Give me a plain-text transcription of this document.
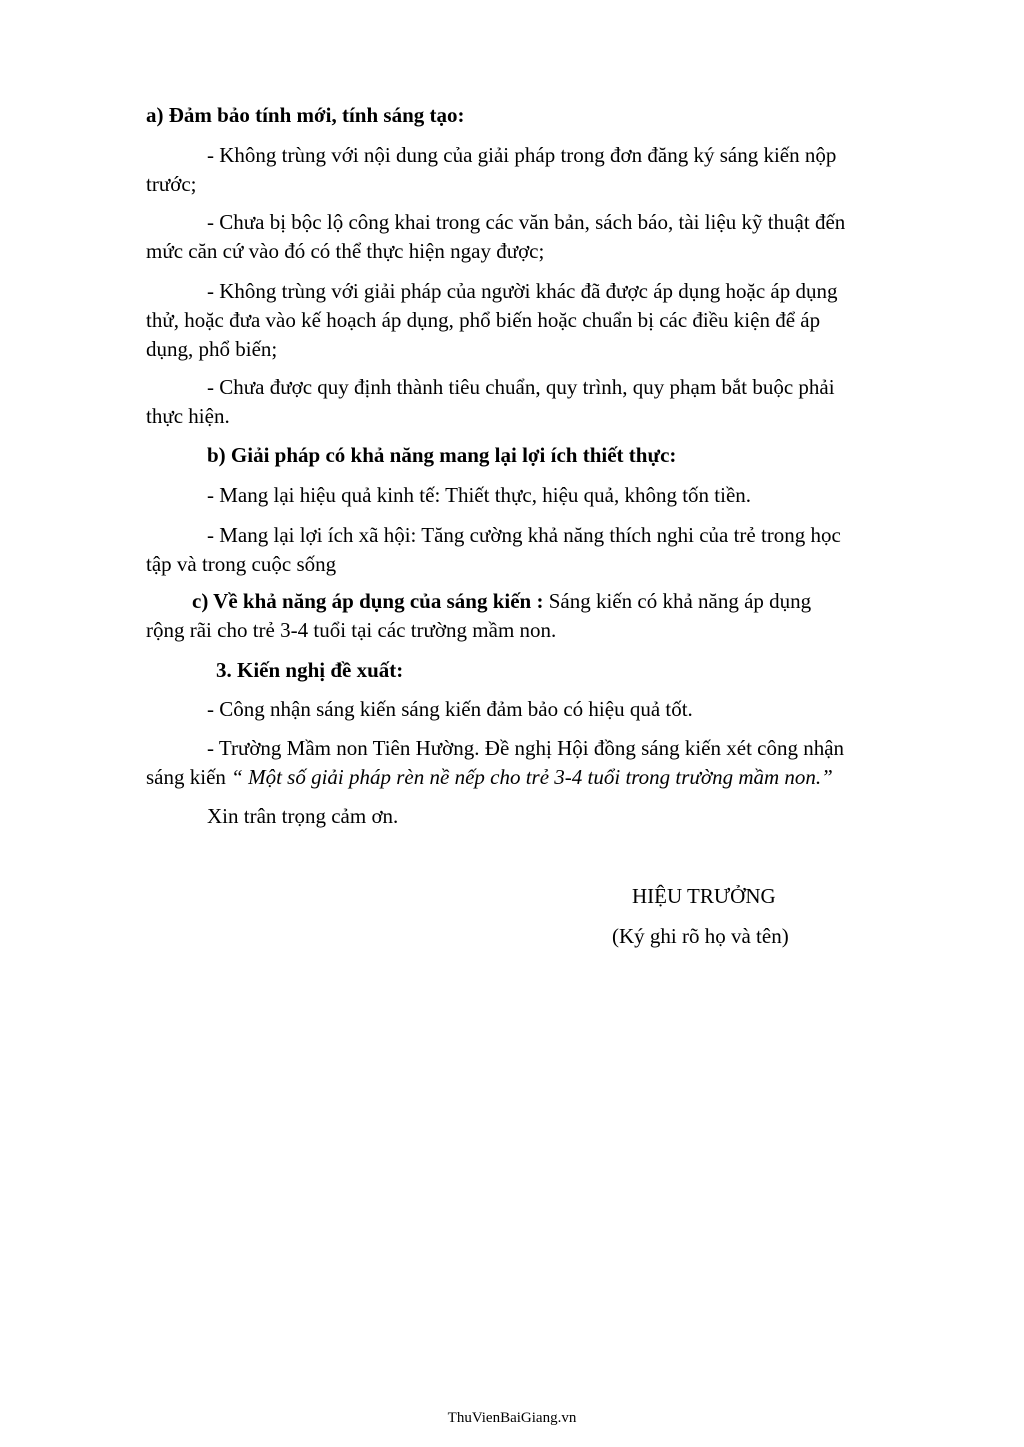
a) Đảm bảo tính mới, tính sáng tạo:
- Không trùng với nội dung của giải pháp trong đơn đăng ký sáng kiến nộp
trước;
- Chưa bị bộc lộ công khai trong các văn bản, sách báo, tài liệu kỹ thuật đến
mức căn cứ vào đó có thể thực hiện ngay được;
- Không trùng với giải pháp của người khác đã được áp dụng hoặc áp dụng
thử, hoặc đưa vào kế hoạch áp dụng, phổ biến hoặc chuẩn bị các điều kiện để áp
dụng, phổ biến;
- Chưa được quy định thành tiêu chuẩn, quy trình, quy phạm bắt buộc phải
thực hiện.
b) Giải pháp có khả năng mang lại lợi ích thiết thực:
- Mang lại hiệu quả kinh tế: Thiết thực, hiệu quả, không tốn tiền.
- Mang lại lợi ích xã hội: Tăng cường khả năng thích nghi của trẻ trong học
tập và trong cuộc sống
c) Về khả năng áp dụng của sáng kiến : Sáng kiến có khả năng áp dụng
rộng rãi cho trẻ 3-4 tuổi tại các trường mầm non.
3. Kiến nghị đề xuất:
- Công nhận sáng kiến sáng kiến đảm bảo có hiệu quả tốt.
- Trường Mầm non Tiên Hường. Đề nghị Hội đồng sáng kiến xét công nhận
sáng kiến “ Một số giải pháp rèn nề nếp cho trẻ 3-4 tuổi trong trường mầm non.”
Xin trân trọng cảm ơn.
HIỆU TRƯỞNG
(Ký ghi rõ họ và tên)
ThuVienBaiGiang.vn
